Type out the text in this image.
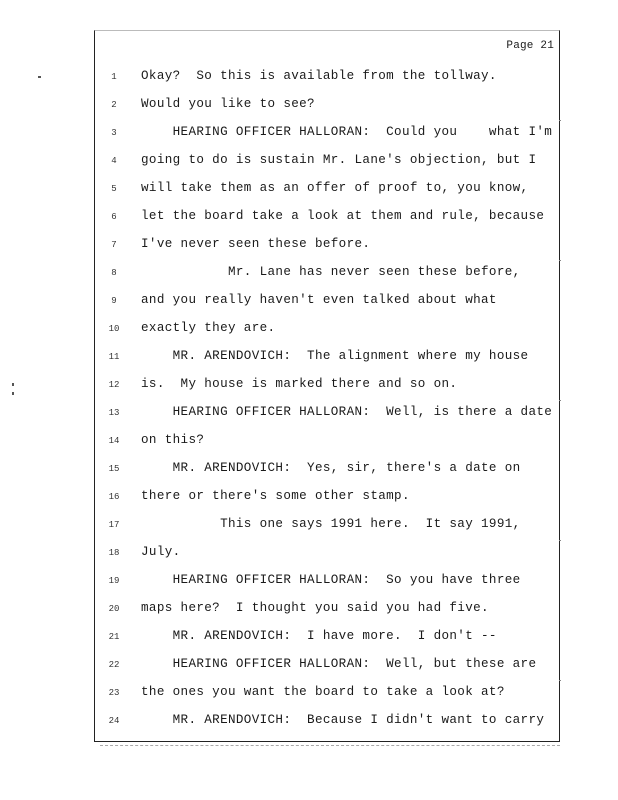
Page 21
1	Okay?  So this is available from the tollway.
2	Would you like to see?
3	HEARING OFFICER HALLORAN:  Could you    what I'm
4	going to do is sustain Mr. Lane's objection, but I
5	will take them as an offer of proof to, you know,
6	let the board take a look at them and rule, because
7	I've never seen these before.
8	Mr. Lane has never seen these before,
9	and you really haven't even talked about what
10	exactly they are.
11	MR. ARENDOVICH:  The alignment where my house
12	is.  My house is marked there and so on.
13	HEARING OFFICER HALLORAN:  Well, is there a date
14	on this?
15	MR. ARENDOVICH:  Yes, sir, there's a date on
16	there or there's some other stamp.
17	This one says 1991 here.  It say 1991,
18	July.
19	HEARING OFFICER HALLORAN:  So you have three
20	maps here?  I thought you said you had five.
21	MR. ARENDOVICH:  I have more.  I don't --
22	HEARING OFFICER HALLORAN:  Well, but these are
23	the ones you want the board to take a look at?
24	MR. ARENDOVICH:  Because I didn't want to carry
